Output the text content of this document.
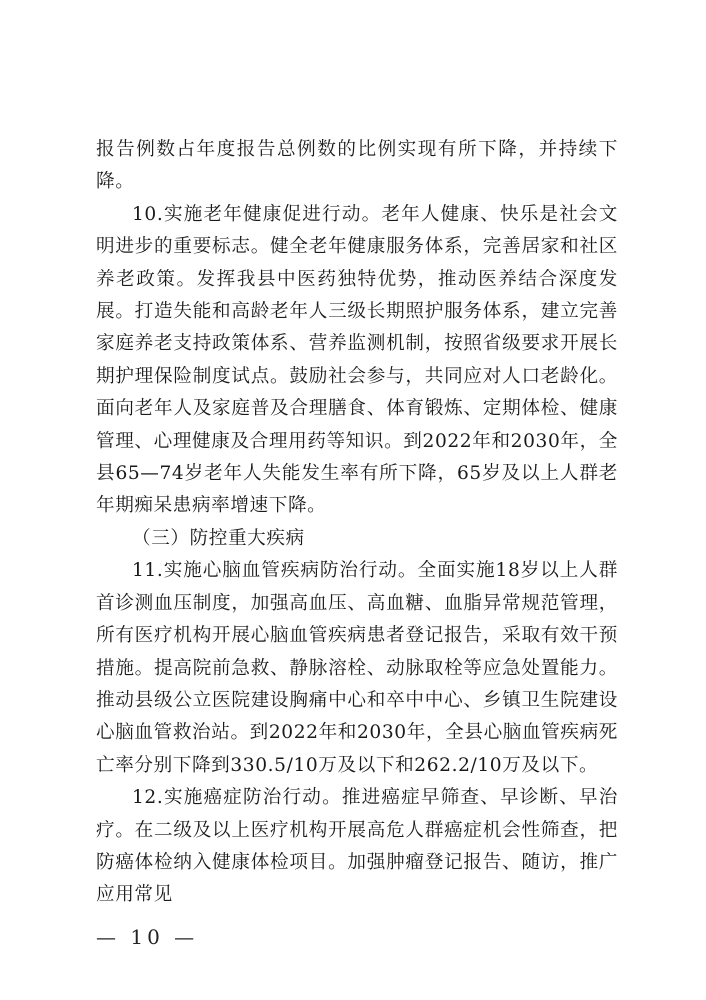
报告例数占年度报告总例数的比例实现有所下降，并持续下降。

10.实施老年健康促进行动。老年人健康、快乐是社会文明进步的重要标志。健全老年健康服务体系，完善居家和社区养老政策。发挥我县中医药独特优势，推动医养结合深度发展。打造失能和高龄老年人三级长期照护服务体系，建立完善家庭养老支持政策体系、营养监测机制，按照省级要求开展长期护理保险制度试点。鼓励社会参与，共同应对人口老龄化。面向老年人及家庭普及合理膳食、体育锻炼、定期体检、健康管理、心理健康及合理用药等知识。到2022年和2030年，全县65—74岁老年人失能发生率有所下降，65岁及以上人群老年期痴呆患病率增速下降。

（三）防控重大疾病

11.实施心脑血管疾病防治行动。全面实施18岁以上人群首诊测血压制度，加强高血压、高血糖、血脂异常规范管理，所有医疗机构开展心脑血管疾病患者登记报告，采取有效干预措施。提高院前急救、静脉溶栓、动脉取栓等应急处置能力。推动县级公立医院建设胸痛中心和卒中中心、乡镇卫生院建设心脑血管救治站。到2022年和2030年，全县心脑血管疾病死亡率分别下降到330.5/10万及以下和262.2/10万及以下。

12.实施癌症防治行动。推进癌症早筛查、早诊断、早治疗。在二级及以上医疗机构开展高危人群癌症机会性筛查，把防癌体检纳入健康体检项目。加强肿瘤登记报告、随访，推广应用常见

— 10 —
